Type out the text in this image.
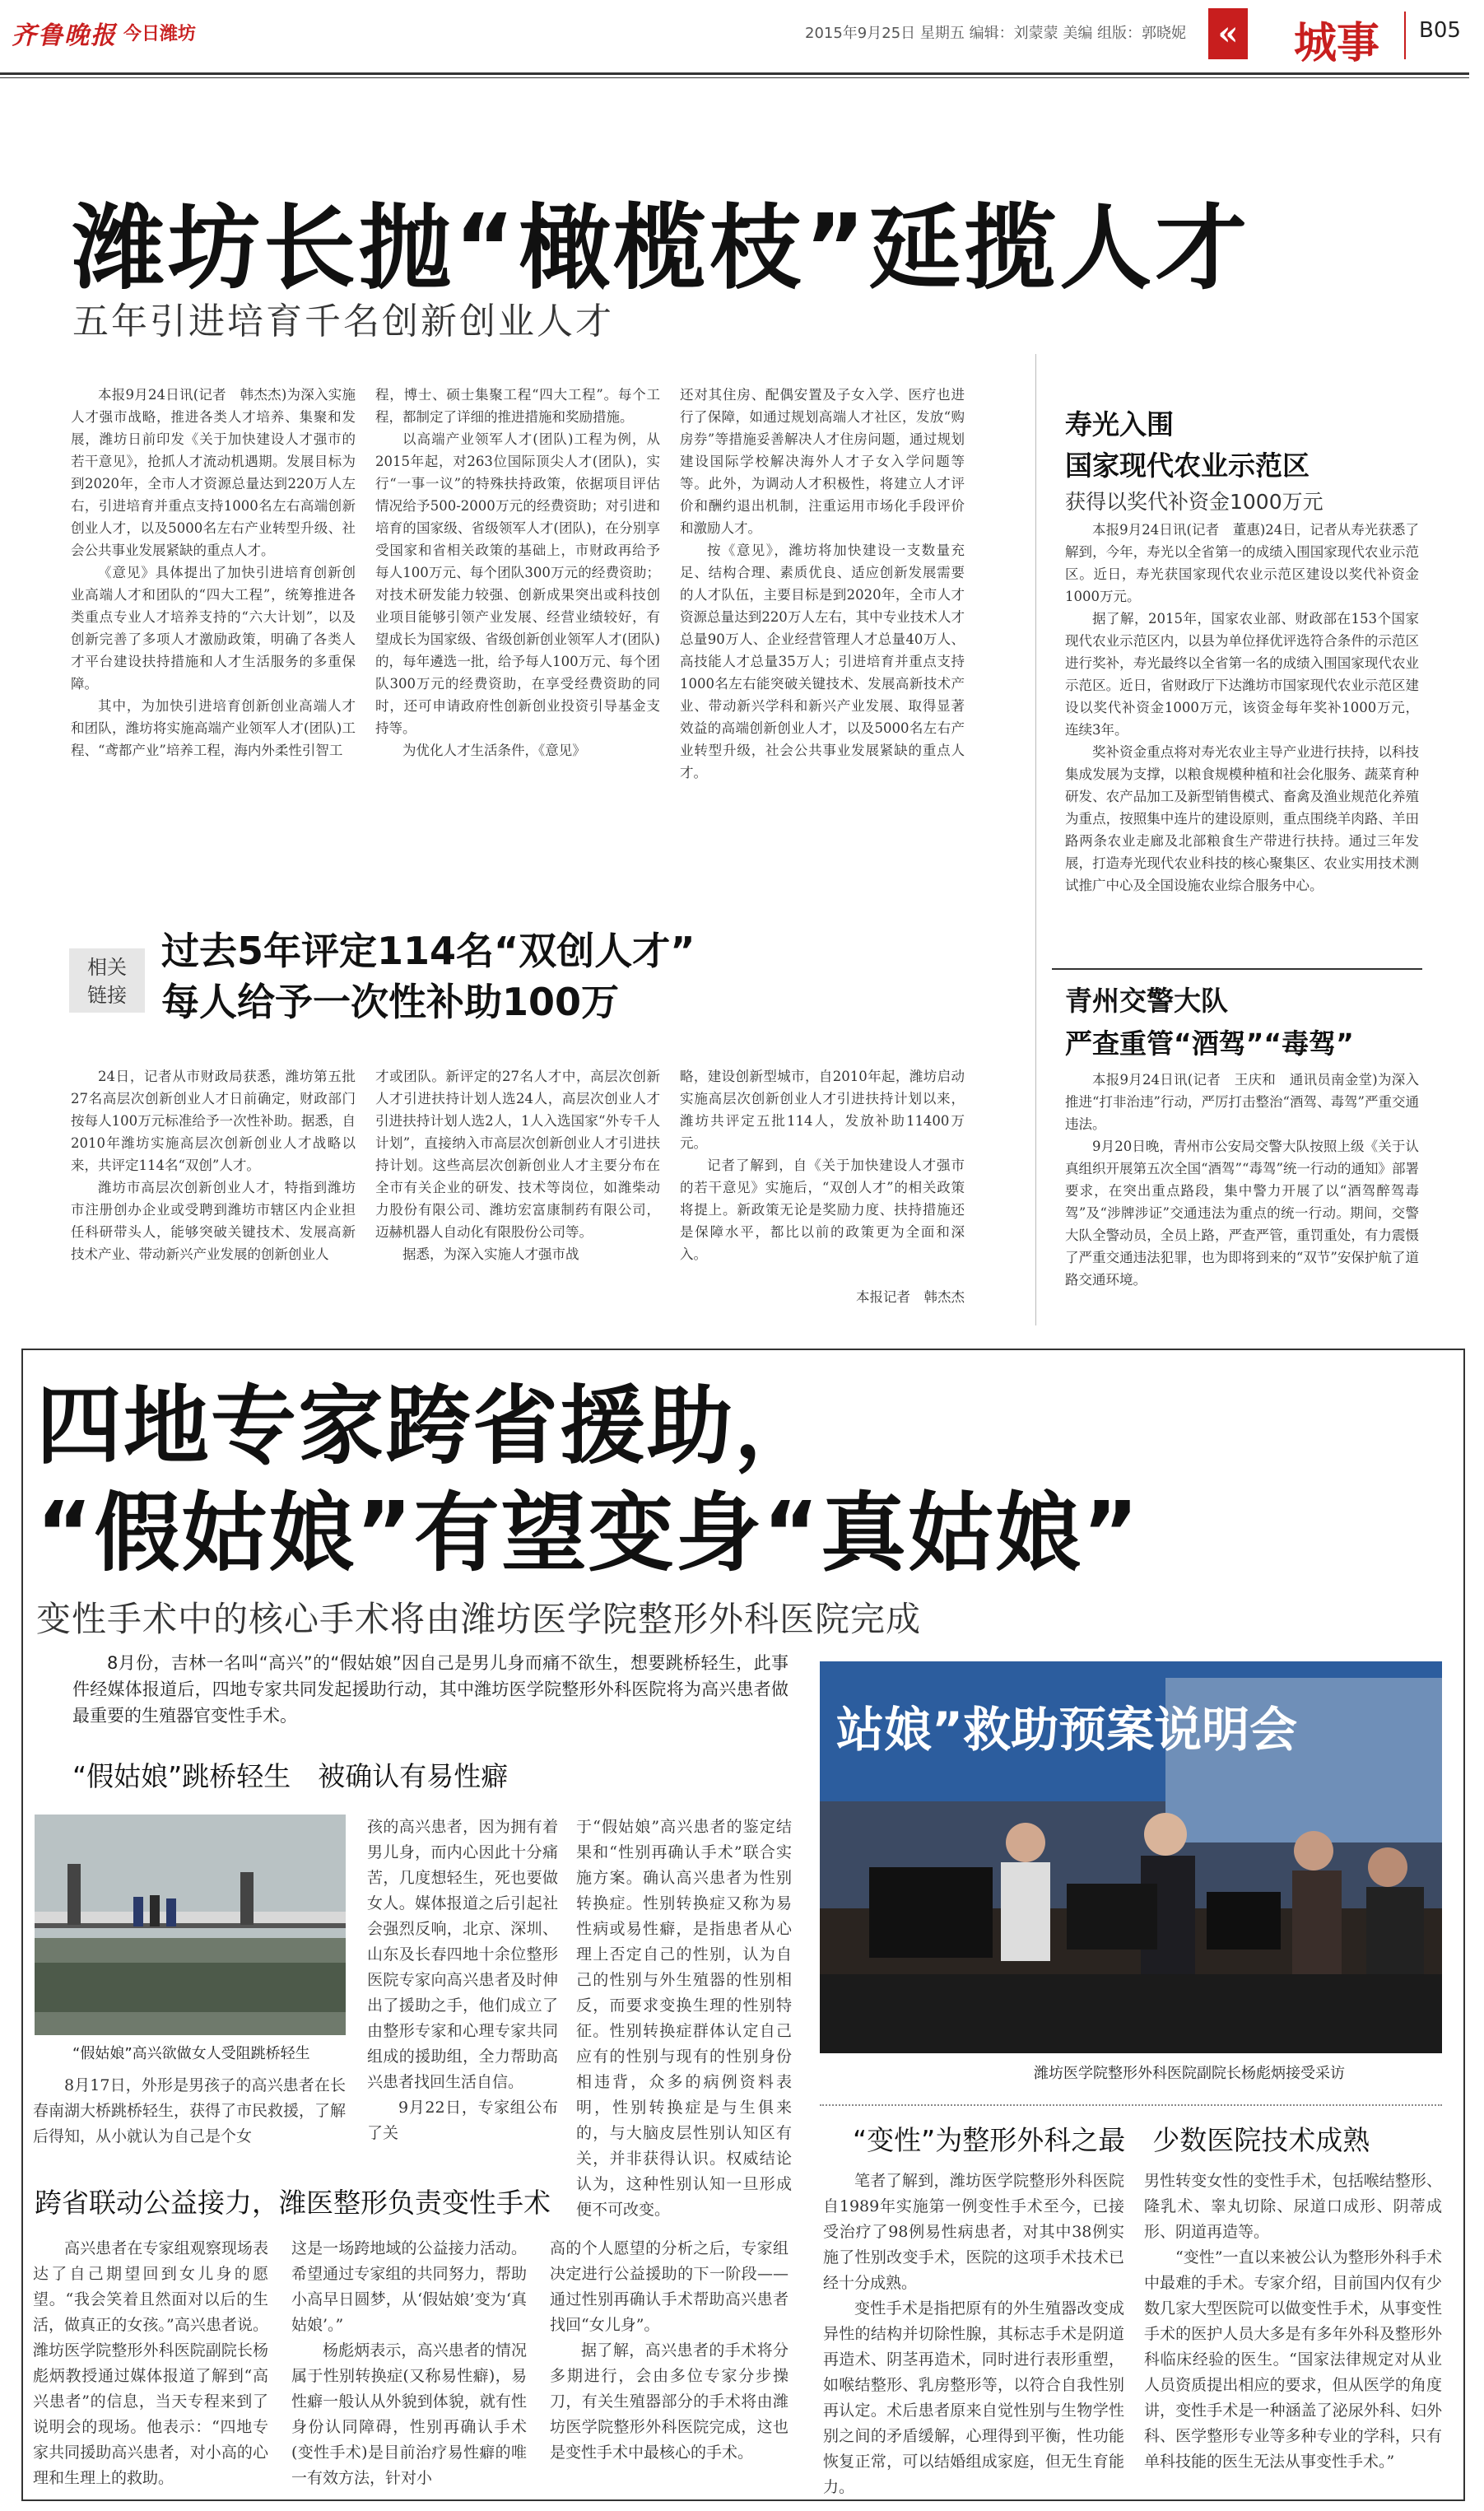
齐鲁晚报 今日潍坊	2015年9月25日 星期五 编辑：刘蒙蒙 美编 组版：郭晓妮 « 城事 B05
潍坊长抛“橄榄枝”延揽人才
五年引进培育千名创新创业人才

本报9月24日讯(记者　韩杰杰)为深入实施人才强市战略，推进各类人才培养、集聚和发展，潍坊日前印发《关于加快建设人才强市的若干意见》，抢抓人才流动机遇期。发展目标为到2020年，全市人才资源总量达到220万人左右，引进培育并重点支持1000名左右高端创新创业人才，以及5000名左右产业转型升级、社会公共事业发展紧缺的重点人才。

《意见》具体提出了加快引进培育创新创业高端人才和团队的“四大工程”，统筹推进各类重点专业人才培养支持的“六大计划”，以及创新完善了多项人才激励政策，明确了各类人才平台建设扶持措施和人才生活服务的多重保障。

其中，为加快引进培育创新创业高端人才和团队，潍坊将实施高端产业领军人才(团队)工程、“鸢都产业”培养工程，海内外柔性引智工

程，博士、硕士集聚工程“四大工程”。每个工程，都制定了详细的推进措施和奖励措施。

以高端产业领军人才(团队)工程为例，从2015年起，对263位国际顶尖人才(团队)，实行“一事一议”的特殊扶持政策，依据项目评估情况给予500-2000万元的经费资助；对引进和培育的国家级、省级领军人才(团队)，在分别享受国家和省相关政策的基础上，市财政再给予每人100万元、每个团队300万元的经费资助；对技术研发能力较强、创新成果突出或科技创业项目能够引领产业发展、经营业绩较好，有望成长为国家级、省级创新创业领军人才(团队)的，每年遴选一批，给予每人100万元、每个团队300万元的经费资助，在享受经费资助的同时，还可申请政府性创新创业投资引导基金支持等。

为优化人才生活条件，《意见》

还对其住房、配偶安置及子女入学、医疗也进行了保障，如通过规划高端人才社区，发放“购房券”等措施妥善解决人才住房问题，通过规划建设国际学校解决海外人才子女入学问题等等。此外，为调动人才积极性，将建立人才评价和酬约退出机制，注重运用市场化手段评价和激励人才。

按《意见》，潍坊将加快建设一支数量充足、结构合理、素质优良、适应创新发展需要的人才队伍，主要目标是到2020年，全市人才资源总量达到220万人左右，其中专业技术人才总量90万人、企业经营管理人才总量40万人、高技能人才总量35万人；引进培育并重点支持1000名左右能突破关键技术、发展高新技术产业、带动新兴学科和新兴产业发展、取得显著效益的高端创新创业人才，以及5000名左右产业转型升级，社会公共事业发展紧缺的重点人才。

相关
链接
过去5年评定114名“双创人才”
每人给予一次性补助100万

24日，记者从市财政局获悉，潍坊第五批27名高层次创新创业人才日前确定，财政部门按每人100万元标准给予一次性补助。据悉，自2010年潍坊实施高层次创新创业人才战略以来，共评定114名“双创”人才。

潍坊市高层次创新创业人才，特指到潍坊市注册创办企业或受聘到潍坊市辖区内企业担任科研带头人，能够突破关键技术、发展高新技术产业、带动新兴产业发展的创新创业人

才或团队。新评定的27名人才中，高层次创新人才引进扶持计划人选24人，高层次创业人才引进扶持计划人选2人，1人入选国家“外专千人计划”，直接纳入市高层次创新创业人才引进扶持计划。这些高层次创新创业人才主要分布在全市有关企业的研发、技术等岗位，如潍柴动力股份有限公司、潍坊宏富康制药有限公司，迈赫机器人自动化有限股份公司等。

据悉，为深入实施人才强市战

略，建设创新型城市，自2010年起，潍坊启动实施高层次创新创业人才引进扶持计划以来，潍坊共评定五批114人，发放补助11400万元。

记者了解到，自《关于加快建设人才强市的若干意见》实施后，“双创人才”的相关政策将提上。新政策无论是奖励力度、扶持措施还是保障水平，都比以前的政策更为全面和深入。

本报记者　韩杰杰
寿光入围
国家现代农业示范区
获得以奖代补资金1000万元

本报9月24日讯(记者　董惠)24日，记者从寿光获悉了解到，今年，寿光以全省第一的成绩入围国家现代农业示范区。近日，寿光获国家现代农业示范区建设以奖代补资金1000万元。

据了解，2015年，国家农业部、财政部在153个国家现代农业示范区内，以县为单位择优评选符合条件的示范区进行奖补，寿光最终以全省第一名的成绩入围国家现代农业示范区。近日，省财政厅下达潍坊市国家现代农业示范区建设以奖代补资金1000万元，该资金每年奖补1000万元，连续3年。

奖补资金重点将对寿光农业主导产业进行扶持，以科技集成发展为支撑，以粮食规模种植和社会化服务、蔬菜育种研发、农产品加工及新型销售模式、畜禽及渔业规范化养殖为重点，按照集中连片的建设原则，重点围绕羊肉路、羊田路两条农业走廊及北部粮食生产带进行扶持。通过三年发展，打造寿光现代农业科技的核心聚集区、农业实用技术测试推广中心及全国设施农业综合服务中心。

青州交警大队
严查重管“酒驾”“毒驾”

本报9月24日讯(记者　王庆和　通讯员南金堂)为深入推进“打非治违”行动，严厉打击整治“酒驾、毒驾”严重交通违法。

9月20日晚，青州市公安局交警大队按照上级《关于认真组织开展第五次全国“酒驾”“毒驾”统一行动的通知》部署要求，在突出重点路段，集中警力开展了以“酒驾醉驾毒驾”及“涉牌涉证”交通违法为重点的统一行动。期间，交警大队全警动员，全员上路，严查严管，重罚重处，有力震慑了严重交通违法犯罪，也为即将到来的“双节”安保护航了道路交通环境。

四地专家跨省援助，
“假姑娘”有望变身“真姑娘”
变性手术中的核心手术将由潍坊医学院整形外科医院完成

8月份，吉林一名叫“高兴”的“假姑娘”因自己是男儿身而痛不欲生，想要跳桥轻生，此事件经媒体报道后，四地专家共同发起援助行动，其中潍坊医学院整形外科医院将为高兴患者做最重要的生殖器官变性手术。	站娘”救助预案说明会
潍坊医学院整形外科医院副院长杨彪炳接受采访
“假姑娘”跳桥轻生　被确认有易性癖
“假姑娘”高兴欲做女人受阻跳桥轻生

8月17日，外形是男孩子的高兴患者在长春南湖大桥跳桥轻生，获得了市民救援，了解后得知，从小就认为自己是个女

孩的高兴患者，因为拥有着男儿身，而内心因此十分痛苦，几度想轻生，死也要做女人。媒体报道之后引起社会强烈反响，北京、深圳、山东及长春四地十余位整形医院专家向高兴患者及时伸出了援助之手，他们成立了由整形专家和心理专家共同组成的援助组，全力帮助高兴患者找回生活自信。

9月22日，专家组公布了关

于“假姑娘”高兴患者的鉴定结果和“性别再确认手术”联合实施方案。确认高兴患者为性别转换症。性别转换症又称为易性病或易性癖，是指患者从心理上否定自己的性别，认为自己的性别与外生殖器的性别相反，而要求变换生理的性别特征。性别转换症群体认定自己应有的性别与现有的性别身份相违背，众多的病例资料表明，性别转换症是与生俱来的，与大脑皮层性别认知区有关，并非获得认识。权威结论认为，这种性别认知一旦形成便不可改变。

跨省联动公益接力，潍医整形负责变性手术

高兴患者在专家组观察现场表达了自己期望回到女儿身的愿望。“我会笑着且然面对以后的生活，做真正的女孩。”高兴患者说。潍坊医学院整形外科医院副院长杨彪炳教授通过媒体报道了解到“高兴患者”的信息，当天专程来到了说明会的现场。他表示：“四地专家共同援助高兴患者，对小高的心理和生理上的救助。

这是一场跨地域的公益接力活动。希望通过专家组的共同努力，帮助小高早日圆梦，从‘假姑娘’变为‘真姑娘’。”

杨彪炳表示，高兴患者的情况属于性别转换症(又称易性癖)，易性癖一般认从外貌到体貌，就有性身份认同障碍，性别再确认手术(变性手术)是目前治疗易性癖的唯一有效方法，针对小

高的个人愿望的分析之后，专家组决定进行公益援助的下一阶段——通过性别再确认手术帮助高兴患者找回“女儿身”。

据了解，高兴患者的手术将分多期进行，会由多位专家分步操刀，有关生殖器部分的手术将由潍坊医学院整形外科医院完成，这也是变性手术中最核心的手术。

“变性”为整形外科之最　少数医院技术成熟

笔者了解到，潍坊医学院整形外科医院自1989年实施第一例变性手术至今，已接受治疗了98例易性病患者，对其中38例实施了性别改变手术，医院的这项手术技术已经十分成熟。

变性手术是指把原有的外生殖器改变成异性的结构并切除性腺，其标志手术是阴道再造术、阴茎再造术，同时进行表形重塑，如喉结整形、乳房整形等，以符合自我性别再认定。术后患者原来自觉性别与生物学性别之间的矛盾缓解，心理得到平衡，性功能恢复正常，可以结婚组成家庭，但无生育能力。

男性转变女性的变性手术，包括喉结整形、隆乳术、睾丸切除、尿道口成形、阴蒂成形、阴道再造等。

“变性”一直以来被公认为整形外科手术中最难的手术。专家介绍，目前国内仅有少数几家大型医院可以做变性手术，从事变性手术的医护人员大多是有多年外科及整形外科临床经验的医生。“国家法律规定对从业人员资质提出相应的要求，但从医学的角度讲，变性手术是一种涵盖了泌尿外科、妇外科、医学整形专业等多种专业的学科，只有单科技能的医生无法从事变性手术。”
